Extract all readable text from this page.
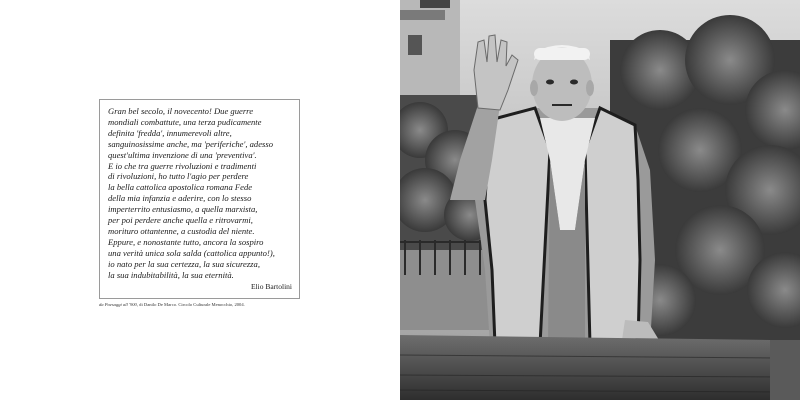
Gran bel secolo, il novecento! Due guerre
mondiali combattute, una terza pudicamente
definita 'fredda', innumerevoli altre,
sanguinosissime anche, ma 'periferiche', adesso
quest'ultima invenzione di una 'preventiva'.
E io che tra guerre rivoluzioni e tradimenti
di rivoluzioni, ho tutto l'agio per perdere
la bella cattolica apostolica romana Fede
della mia infanzia e aderire, con lo stesso
imperterrito entusiasmo, a quella marxista,
per poi perdere anche quella e ritrovarmi,
morituro ottantenne, a custodia del niente.
Eppure, e nonostante tutto, ancora la sospiro
una verità unica sola salda (cattolica appunto!),
io nato per la sua certezza, la sua sicurezza,
la sua indubitabilità, la sua eternità.
Elio Bartolini
da Paesaggi all '900, di Danilo De Marco. Circolo Culturale Menocchio, 2004.
